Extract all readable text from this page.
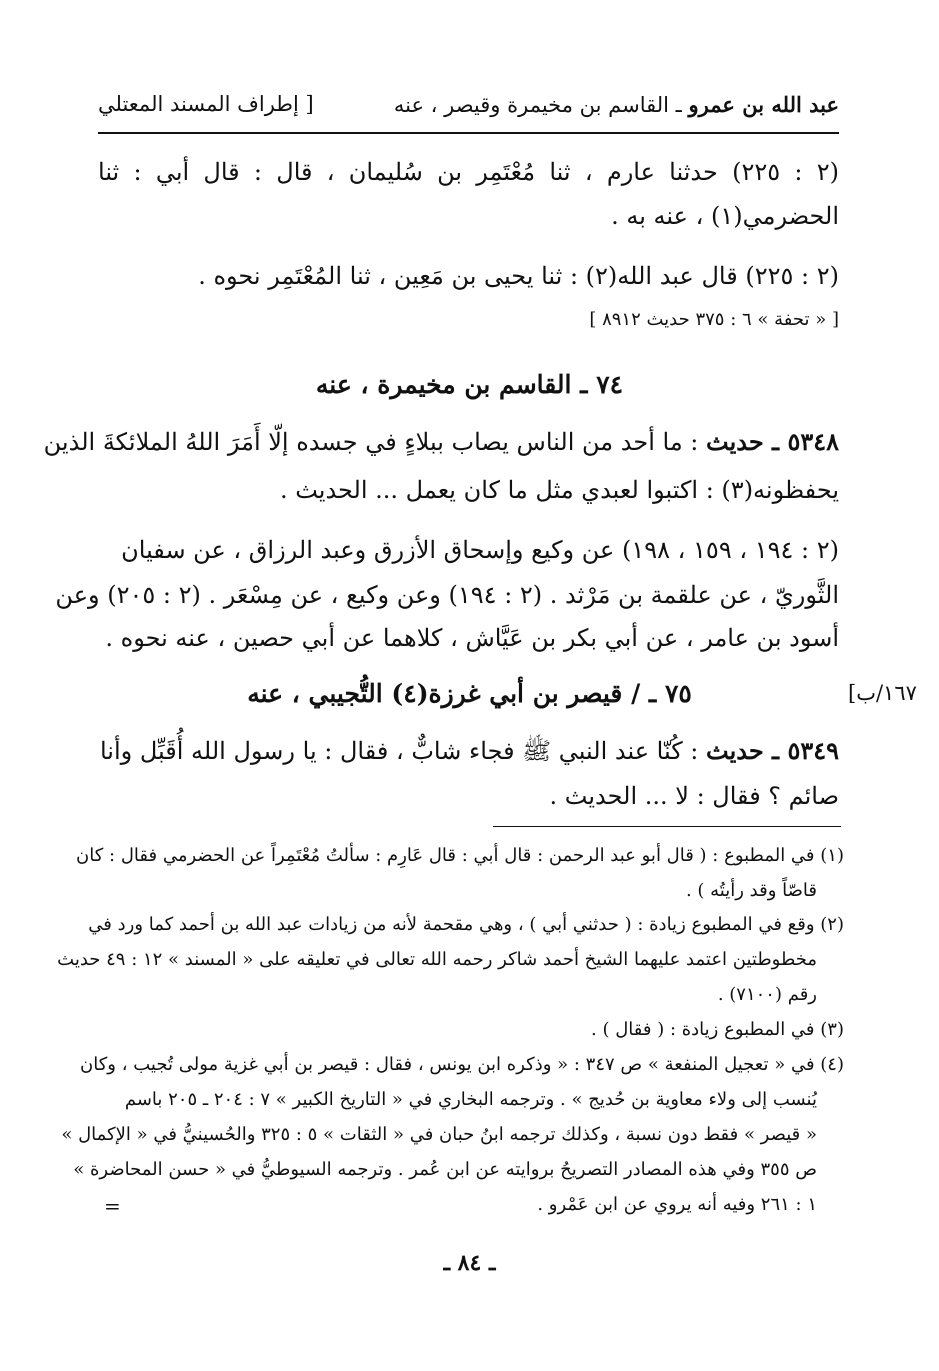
عبد الله بن عمرو ـ القاسم بن مخيمرة وقيصر ، عنه
[ إطراف المسند المعتلي
(٢ : ٢٢٥) حدثنا عارم ، ثنا مُعْتَمِر بن سُليمان ، قال : قال أبي : ثنا
الحضرمي(١) ، عنه به .
(٢ : ٢٢٥) قال عبد الله(٢) : ثنا يحيى بن مَعِين ، ثنا المُعْتَمِر نحوه .
[ « تحفة » ٦ : ٣٧٥ حديث ٨٩١٢ ]
٧٤ ـ القاسم بن مخيمرة ، عنه
٥٣٤٨ ـ حديث : ما أحد من الناس يصاب ببلاءٍ في جسده إلّا أَمَرَ اللهُ الملائكةَ الذين
يحفظونه(٣) : اكتبوا لعبدي مثل ما كان يعمل ... الحديث .
(٢ : ١٩٤ ، ١٥٩ ، ١٩٨) عن وكيع وإسحاق الأزرق وعبد الرزاق ، عن سفيان
الثَّوريّ ، عن علقمة بن مَرْثد . (٢ : ١٩٤) وعن وكيع ، عن مِسْعَر . (٢ : ٢٠٥) وعن
أسود بن عامر ، عن أبي بكر بن عَيَّاش ، كلاهما عن أبي حصين ، عنه نحوه .
٧٥ ـ / قيصر بن أبي غرزة(٤) التُّجيبي ، عنه	١٦٧/ب]
٥٣٤٩ ـ حديث : كُنّا عند النبي ﷺ فجاء شابٌّ ، فقال : يا رسول الله أُقَبِّل وأنا
صائم ؟ فقال : لا ... الحديث .
(١) في المطبوع : ( قال أبو عبد الرحمن : قال أبي : قال عَارِم : سألتُ مُعْتَمِراً عن الحضرمي فقال : كان
قاصّاً وقد رأيتُه ) .
(٢) وقع في المطبوع زيادة : ( حدثني أبي ) ، وهي مقحمة لأنه من زيادات عبد الله بن أحمد كما ورد في
مخطوطتين اعتمد عليهما الشيخ أحمد شاكر رحمه الله تعالى في تعليقه على « المسند » ١٢ : ٤٩ حديث
رقم (٧١٠٠) .
(٣) في المطبوع زيادة : ( فقال ) .
(٤) في « تعجيل المنفعة » ص ٣٤٧ : « وذكره ابن يونس ، فقال : قيصر بن أبي غزية مولى تُجيب ، وكان
يُنسب إلى ولاء معاوية بن حُديج » . وترجمه البخاري في « التاريخ الكبير » ٧ : ٢٠٤ ـ ٢٠٥ باسم
« قيصر » فقط دون نسبة ، وكذلك ترجمه ابنُ حبان في « الثقات » ٥ : ٣٢٥ والحُسينيُّ في « الإكمال »
ص ٣٥٥ وفي هذه المصادر التصريحُ بروايته عن ابن عُمر . وترجمه السيوطيُّ في « حسن المحاضرة »
١ : ٢٦١ وفيه أنه يروي عن ابن عَمْرو .
=
ـ ٨٤ ـ
